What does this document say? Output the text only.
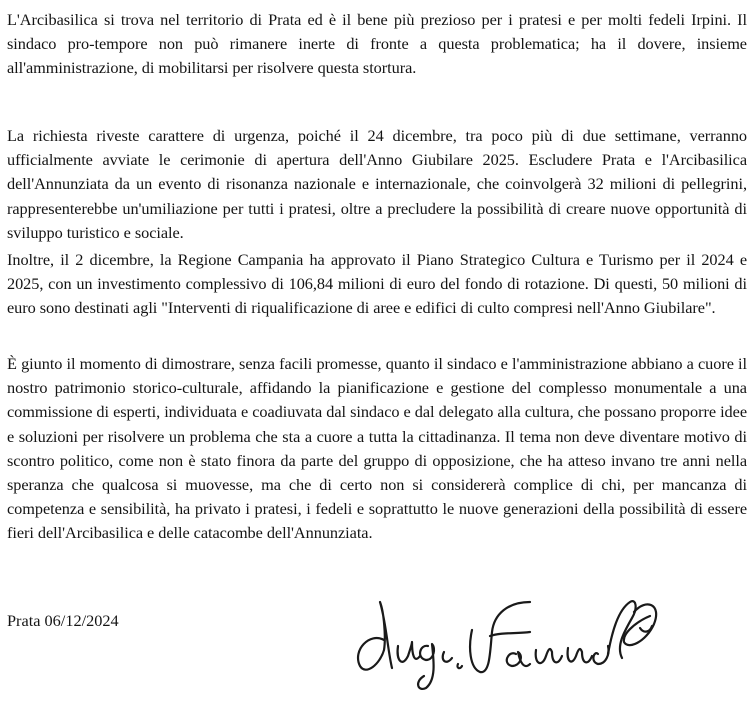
L'Arcibasilica si trova nel territorio di Prata ed è il bene più prezioso per i pratesi e per molti fedeli Irpini. Il sindaco pro-tempore non può rimanere inerte di fronte a questa problematica; ha il dovere, insieme all'amministrazione, di mobilitarsi per risolvere questa stortura.

La richiesta riveste carattere di urgenza, poiché il 24 dicembre, tra poco più di due settimane, verranno ufficialmente avviate le cerimonie di apertura dell'Anno Giubilare 2025. Escludere Prata e l'Arcibasilica dell'Annunziata da un evento di risonanza nazionale e internazionale, che coinvolgerà 32 milioni di pellegrini, rappresenterebbe un'umiliazione per tutti i pratesi, oltre a precludere la possibilità di creare nuove opportunità di sviluppo turistico e sociale.

Inoltre, il 2 dicembre, la Regione Campania ha approvato il Piano Strategico Cultura e Turismo per il 2024 e 2025, con un investimento complessivo di 106,84 milioni di euro del fondo di rotazione. Di questi, 50 milioni di euro sono destinati agli "Interventi di riqualificazione di aree e edifici di culto compresi nell'Anno Giubilare".

È giunto il momento di dimostrare, senza facili promesse, quanto il sindaco e l'amministrazione abbiano a cuore il nostro patrimonio storico-culturale, affidando la pianificazione e gestione del complesso monumentale a una commissione di esperti, individuata e coadiuvata dal sindaco e dal delegato alla cultura, che possano proporre idee e soluzioni per risolvere un problema che sta a cuore a tutta la cittadinanza. Il tema non deve diventare motivo di scontro politico, come non è stato finora da parte del gruppo di opposizione, che ha atteso invano tre anni nella speranza che qualcosa si muovesse, ma che di certo non si considererà complice di chi, per mancanza di competenza e sensibilità, ha privato i pratesi, i fedeli e soprattutto le nuove generazioni della possibilità di essere fieri dell'Arcibasilica e delle catacombe dell'Annunziata.

Prata 06/12/2024
